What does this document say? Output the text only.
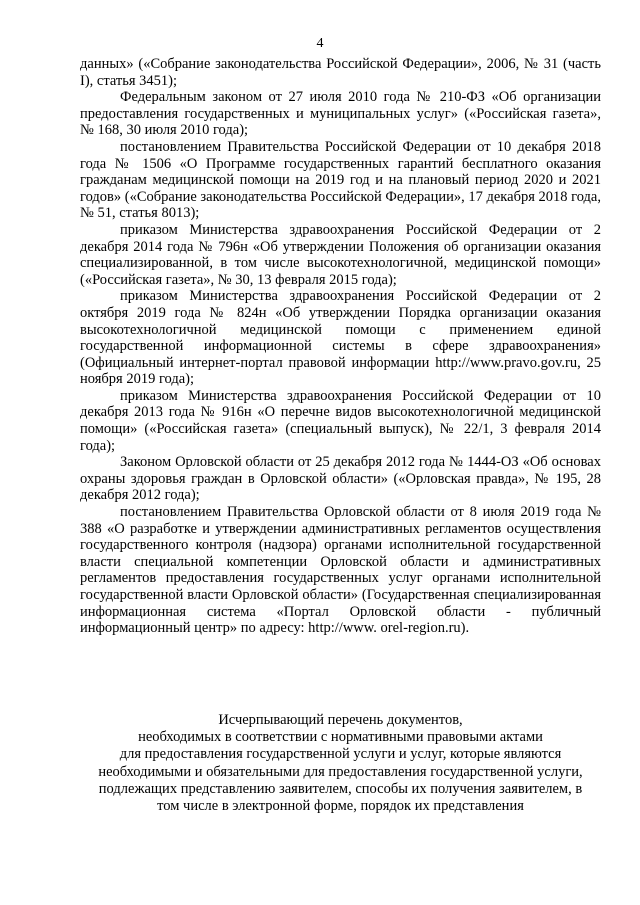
4

данных» («Собрание законодательства Российской Федерации», 2006, № 31 (часть I), статья 3451);

Федеральным законом от 27 июля 2010 года № 210-ФЗ «Об организации предоставления государственных и муниципальных услуг» («Российская газета», № 168, 30 июля 2010 года);

постановлением Правительства Российской Федерации от 10 декабря 2018 года № 1506 «О Программе государственных гарантий бесплатного оказания гражданам медицинской помощи на 2019 год и на плановый период 2020 и 2021 годов» («Собрание законодательства Российской Федерации», 17 декабря 2018 года, № 51, статья 8013);

приказом Министерства здравоохранения Российской Федерации от 2 декабря 2014 года № 796н «Об утверждении Положения об организации оказания специализированной, в том числе высокотехнологичной, медицинской помощи» («Российская газета», № 30, 13 февраля 2015 года);

приказом Министерства здравоохранения Российской Федерации от 2 октября 2019 года № 824н «Об утверждении Порядка организации оказания высокотехнологичной медицинской помощи с применением единой государственной информационной системы в сфере здравоохранения» (Официальный интернет-портал правовой информации http://www.pravo.gov.ru, 25 ноября 2019 года);

приказом Министерства здравоохранения Российской Федерации от 10 декабря 2013 года № 916н «О перечне видов высокотехнологичной медицинской помощи» («Российская газета» (специальный выпуск), № 22/1, 3 февраля 2014 года);

Законом Орловской области от 25 декабря 2012 года № 1444-ОЗ «Об основах охраны здоровья граждан в Орловской области» («Орловская правда», № 195, 28 декабря 2012 года);

постановлением Правительства Орловской области от 8 июля 2019 года № 388 «О разработке и утверждении административных регламентов осуществления государственного контроля (надзора) органами исполнительной государственной власти специальной компетенции Орловской области и административных регламентов предоставления государственных услуг органами исполнительной государственной власти Орловской области» (Государственная специализированная информационная система «Портал Орловской области - публичный информационный центр» по адресу: http://www. orel-region.ru).

Исчерпывающий перечень документов,
необходимых в соответствии с нормативными правовыми актами
для предоставления государственной услуги и услуг, которые являются
необходимыми и обязательными для предоставления государственной услуги,
подлежащих представлению заявителем, способы их получения заявителем, в
том числе в электронной форме, порядок их представления
